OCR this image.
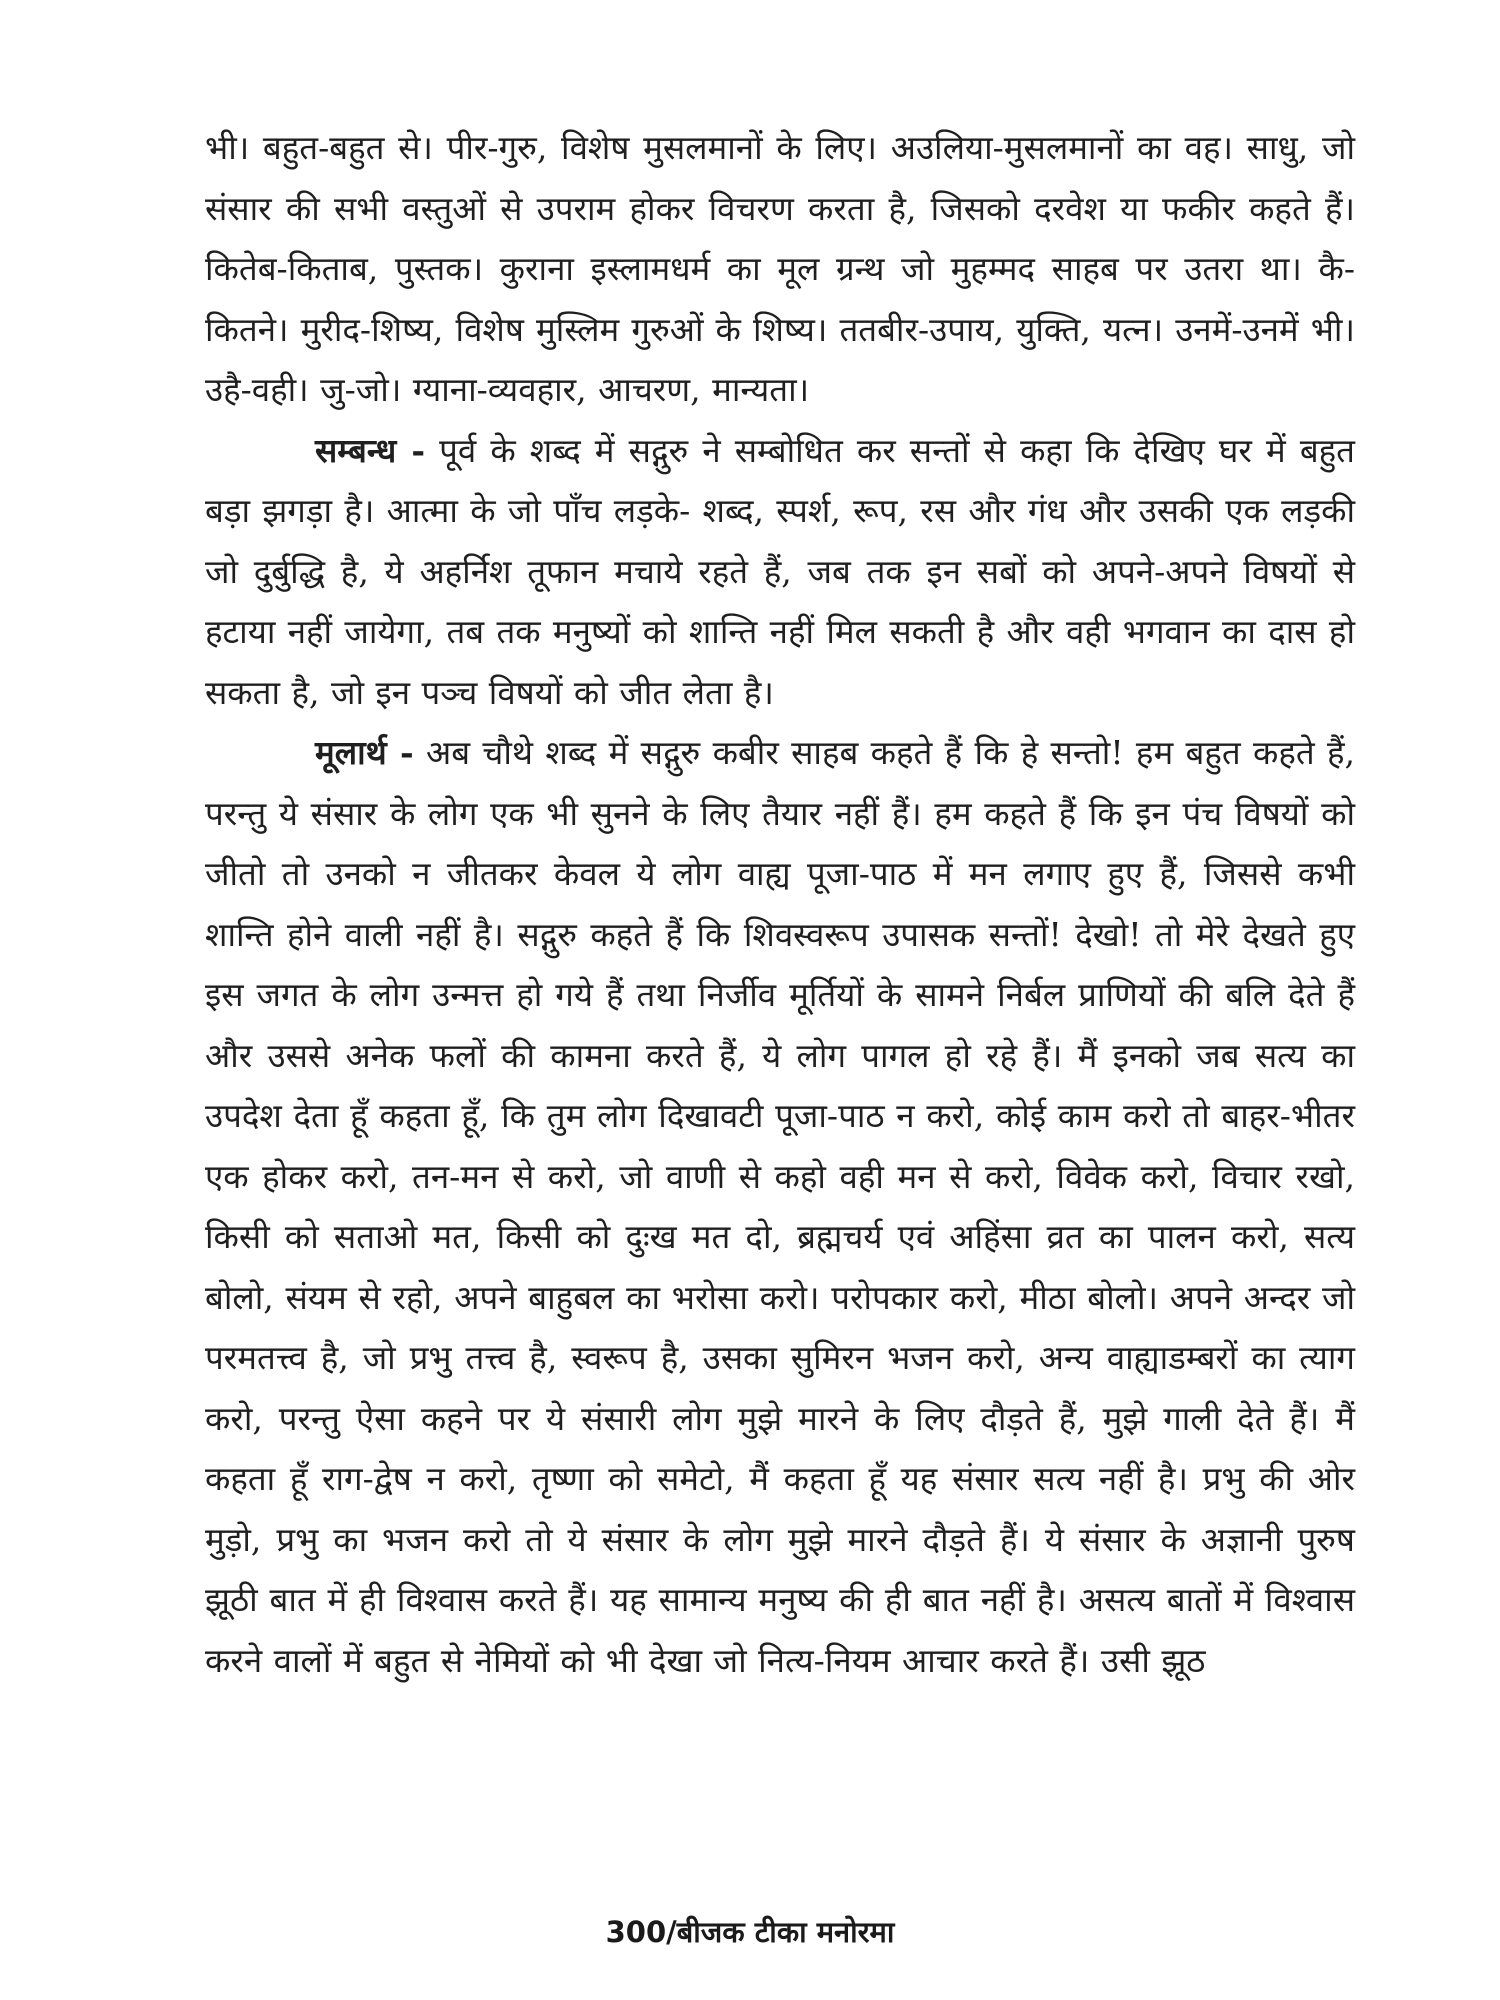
भी। बहुत-बहुत से। पीर-गुरु, विशेष मुसलमानों के लिए। अउलिया-मुसलमानों का वह। साधु, जो संसार की सभी वस्तुओं से उपराम होकर विचरण करता है, जिसको दरवेश या फकीर कहते हैं। कितेब-किताब, पुस्तक। कुराना इस्लामधर्म का मूल ग्रन्थ जो मुहम्मद साहब पर उतरा था। कै-कितने। मुरीद-शिष्य, विशेष मुस्लिम गुरुओं के शिष्य। ततबीर-उपाय, युक्ति, यत्न। उनमें-उनमें भी। उहै-वही। जु-जो। ग्याना-व्यवहार, आचरण, मान्यता।

सम्बन्ध - पूर्व के शब्द में सद्गुरु ने सम्बोधित कर सन्तों से कहा कि देखिए घर में बहुत बड़ा झगड़ा है। आत्मा के जो पाँच लड़के- शब्द, स्पर्श, रूप, रस और गंध और उसकी एक लड़की जो दुर्बुद्धि है, ये अहर्निश तूफान मचाये रहते हैं, जब तक इन सबों को अपने-अपने विषयों से हटाया नहीं जायेगा, तब तक मनुष्यों को शान्ति नहीं मिल सकती है और वही भगवान का दास हो सकता है, जो इन पञ्च विषयों को जीत लेता है।

मूलार्थ - अब चौथे शब्द में सद्गुरु कबीर साहब कहते हैं कि हे सन्तो! हम बहुत कहते हैं, परन्तु ये संसार के लोग एक भी सुनने के लिए तैयार नहीं हैं। हम कहते हैं कि इन पंच विषयों को जीतो तो उनको न जीतकर केवल ये लोग वाह्य पूजा-पाठ में मन लगाए हुए हैं, जिससे कभी शान्ति होने वाली नहीं है। सद्गुरु कहते हैं कि शिवस्वरूप उपासक सन्तों! देखो! तो मेरे देखते हुए इस जगत के लोग उन्मत्त हो गये हैं तथा निर्जीव मूर्तियों के सामने निर्बल प्राणियों की बलि देते हैं और उससे अनेक फलों की कामना करते हैं, ये लोग पागल हो रहे हैं। मैं इनको जब सत्य का उपदेश देता हूँ कहता हूँ, कि तुम लोग दिखावटी पूजा-पाठ न करो, कोई काम करो तो बाहर-भीतर एक होकर करो, तन-मन से करो, जो वाणी से कहो वही मन से करो, विवेक करो, विचार रखो, किसी को सताओ मत, किसी को दुःख मत दो, ब्रह्मचर्य एवं अहिंसा व्रत का पालन करो, सत्य बोलो, संयम से रहो, अपने बाहुबल का भरोसा करो। परोपकार करो, मीठा बोलो। अपने अन्दर जो परमतत्त्व है, जो प्रभु तत्त्व है, स्वरूप है, उसका सुमिरन भजन करो, अन्य वाह्याडम्बरों का त्याग करो, परन्तु ऐसा कहने पर ये संसारी लोग मुझे मारने के लिए दौड़ते हैं, मुझे गाली देते हैं। मैं कहता हूँ राग-द्वेष न करो, तृष्णा को समेटो, मैं कहता हूँ यह संसार सत्य नहीं है। प्रभु की ओर मुड़ो, प्रभु का भजन करो तो ये संसार के लोग मुझे मारने दौड़ते हैं। ये संसार के अज्ञानी पुरुष झूठी बात में ही विश्वास करते हैं। यह सामान्य मनुष्य की ही बात नहीं है। असत्य बातों में विश्वास करने वालों में बहुत से नेमियों को भी देखा जो नित्य-नियम आचार करते हैं। उसी झूठ

300/बीजक टीका मनोरमा
